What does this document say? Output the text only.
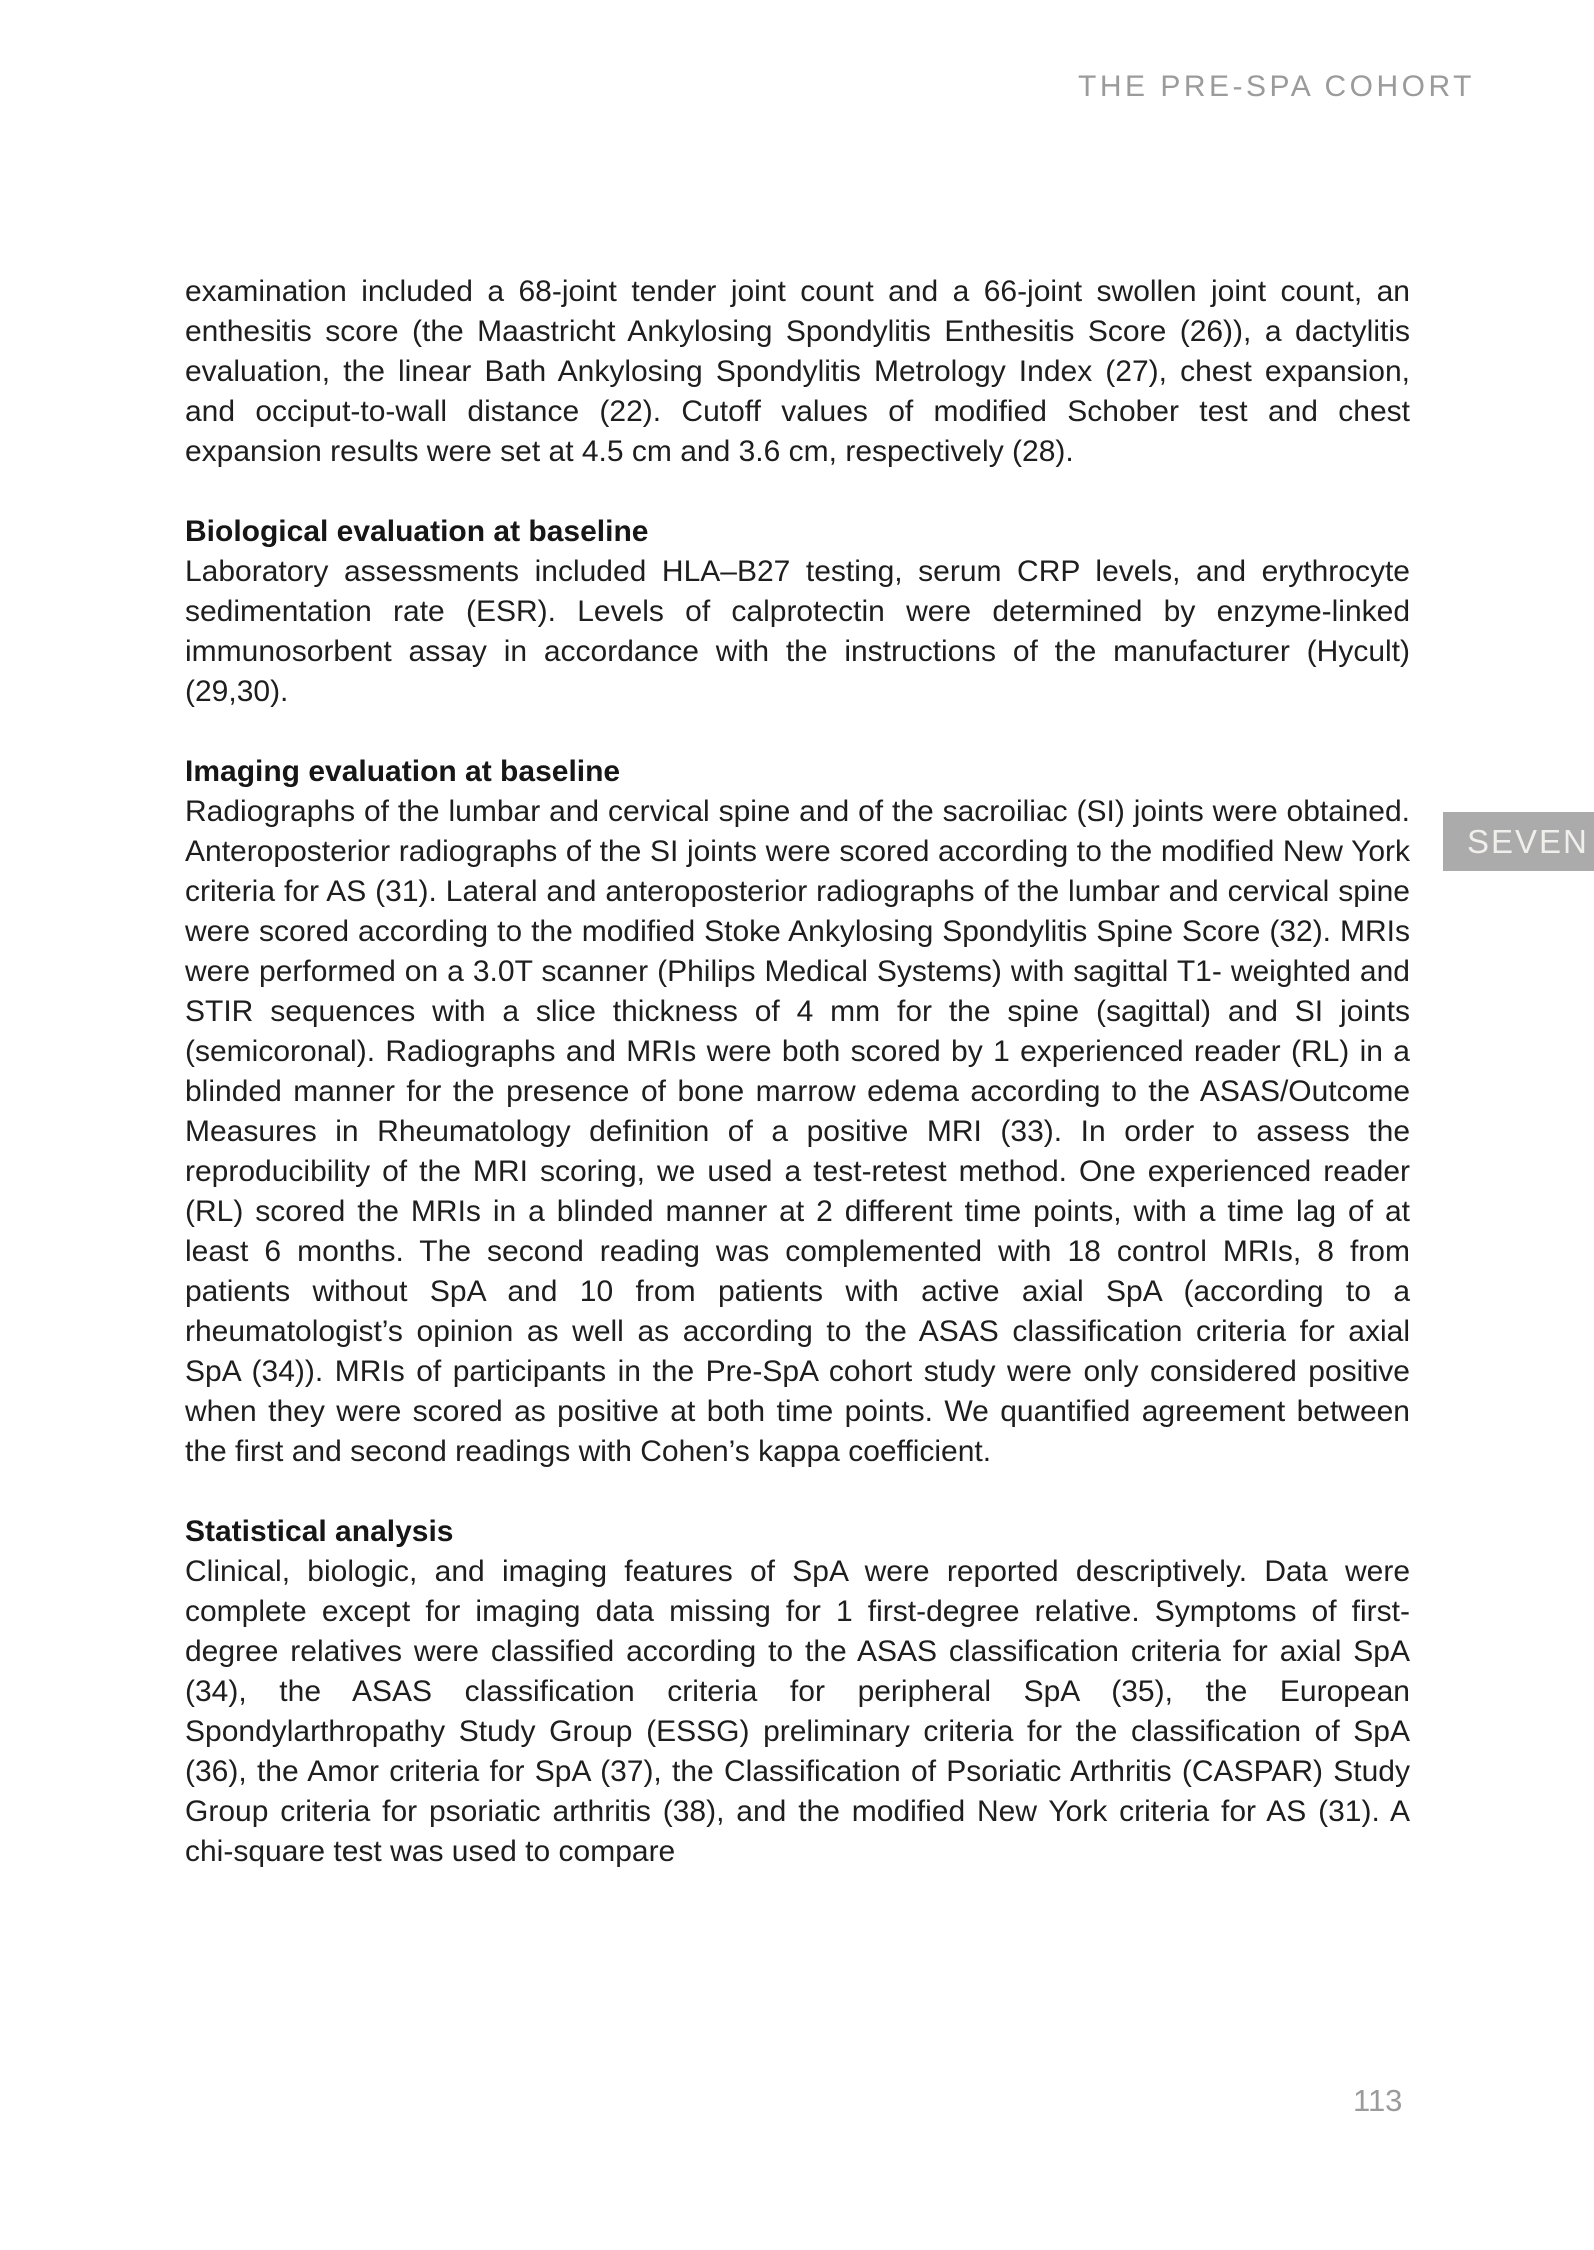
THE PRE-SPA COHORT
SEVEN

examination included a 68-joint tender joint count and a 66-joint swollen joint count, an enthesitis score (the Maastricht Ankylosing Spondylitis Enthesitis Score (26)), a dactylitis evaluation, the linear Bath Ankylosing Spondylitis Metrology Index (27), chest expansion, and occiput-to-wall distance (22). Cutoff values of modified Schober test and chest expansion results were set at 4.5 cm and 3.6 cm, respectively (28).

Biological evaluation at baseline

Laboratory assessments included HLA–B27 testing, serum CRP levels, and erythrocyte sedimentation rate (ESR). Levels of calprotectin were determined by enzyme-linked immunosorbent assay in accordance with the instructions of the manufacturer (Hycult) (29,30).

Imaging evaluation at baseline

Radiographs of the lumbar and cervical spine and of the sacroiliac (SI) joints were obtained. Anteroposterior radiographs of the SI joints were scored according to the modified New York criteria for AS (31). Lateral and anteroposterior radiographs of the lumbar and cervical spine were scored according to the modified Stoke Ankylosing Spondylitis Spine Score (32). MRIs were performed on a 3.0T scanner (Philips Medical Systems) with sagittal T1- weighted and STIR sequences with a slice thickness of 4 mm for the spine (sagittal) and SI joints (semicoronal). Radiographs and MRIs were both scored by 1 experienced reader (RL) in a blinded manner for the presence of bone marrow edema according to the ASAS/Outcome Measures in Rheumatology definition of a positive MRI (33). In order to assess the reproducibility of the MRI scoring, we used a test-retest method. One experienced reader (RL) scored the MRIs in a blinded manner at 2 different time points, with a time lag of at least 6 months. The second reading was complemented with 18 control MRIs, 8 from patients without SpA and 10 from patients with active axial SpA (according to a rheumatologist’s opinion as well as according to the ASAS classification criteria for axial SpA (34)). MRIs of participants in the Pre-SpA cohort study were only considered positive when they were scored as positive at both time points. We quantified agreement between the first and second readings with Cohen’s kappa coefficient.

Statistical analysis

Clinical, biologic, and imaging features of SpA were reported descriptively. Data were complete except for imaging data missing for 1 first-degree relative. Symptoms of first-degree relatives were classified according to the ASAS classification criteria for axial SpA (34), the ASAS classification criteria for peripheral SpA (35), the European Spondylarthropathy Study Group (ESSG) preliminary criteria for the classification of SpA (36), the Amor criteria for SpA (37), the Classification of Psoriatic Arthritis (CASPAR) Study Group criteria for psoriatic arthritis (38), and the modified New York criteria for AS (31). A chi-square test was used to compare

113
